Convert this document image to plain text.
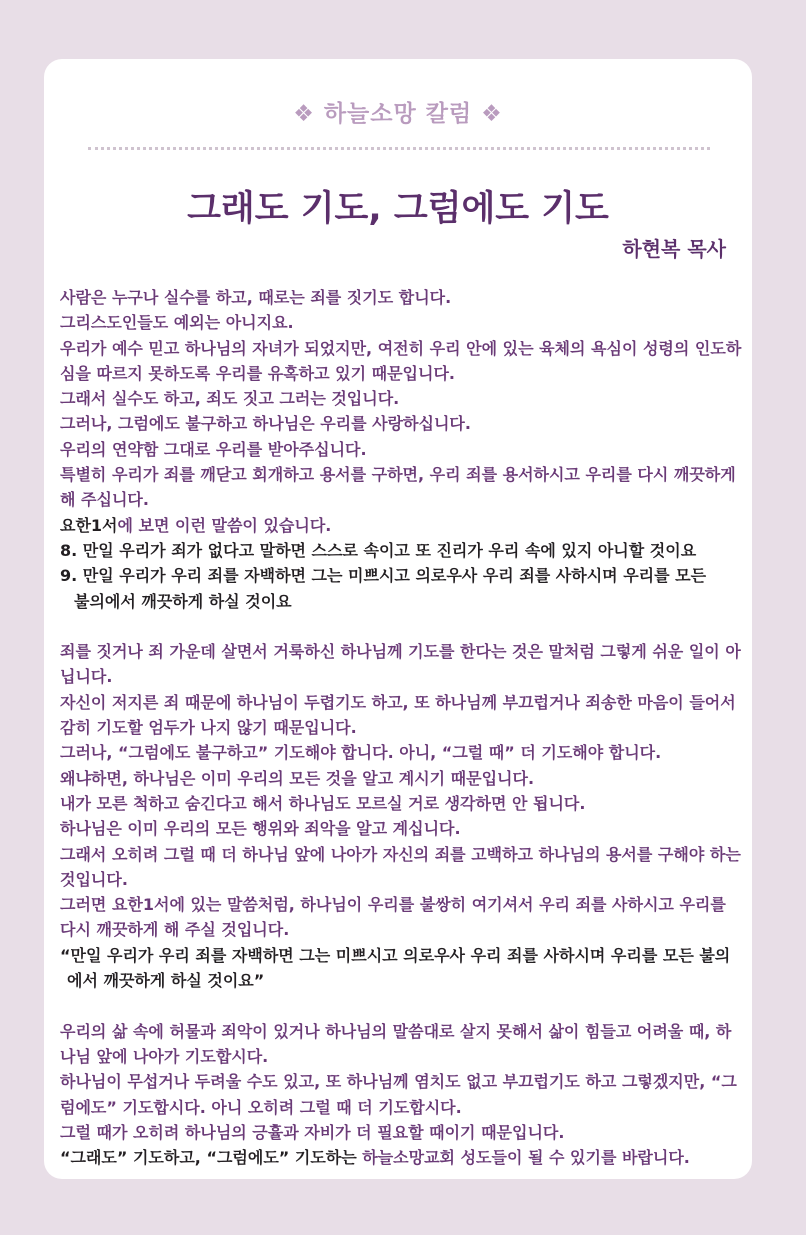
❖ 하늘소망 칼럼 ❖
그래도 기도, 그럼에도 기도
하현복 목사
사람은 누구나 실수를 하고, 때로는 죄를 짓기도 합니다.
그리스도인들도 예외는 아니지요.
우리가 예수 믿고 하나님의 자녀가 되었지만, 여전히 우리 안에 있는 육체의 욕심이 성령의 인도하심을 따르지 못하도록 우리를 유혹하고 있기 때문입니다.
그래서 실수도 하고, 죄도 짓고 그러는 것입니다.
그러나, 그럼에도 불구하고 하나님은 우리를 사랑하십니다.
우리의 연약함 그대로 우리를 받아주십니다.
특별히 우리가 죄를 깨닫고 회개하고 용서를 구하면, 우리 죄를 용서하시고 우리를 다시 깨끗하게 해 주십니다.
요한1서에 보면 이런 말씀이 있습니다.
8. 만일 우리가 죄가 없다고 말하면 스스로 속이고 또 진리가 우리 속에 있지 아니할 것이요
9. 만일 우리가 우리 죄를 자백하면 그는 미쁘시고 의로우사 우리 죄를 사하시며 우리를 모든
불의에서 깨끗하게 하실 것이요
죄를 짓거나 죄 가운데 살면서 거룩하신 하나님께 기도를 한다는 것은 말처럼 그렇게 쉬운 일이 아닙니다.
자신이 저지른 죄 때문에 하나님이 두렵기도 하고, 또 하나님께 부끄럽거나 죄송한 마음이 들어서 감히 기도할 엄두가 나지 않기 때문입니다.
그러나, “그럼에도 불구하고” 기도해야 합니다. 아니, “그럴 때” 더 기도해야 합니다.
왜냐하면, 하나님은 이미 우리의 모든 것을 알고 계시기 때문입니다.
내가 모른 척하고 숨긴다고 해서 하나님도 모르실 거로 생각하면 안 됩니다.
하나님은 이미 우리의 모든 행위와 죄악을 알고 계십니다.
그래서 오히려 그럴 때 더 하나님 앞에 나아가 자신의 죄를 고백하고 하나님의 용서를 구해야 하는 것입니다.
그러면 요한1서에 있는 말씀처럼, 하나님이 우리를 불쌍히 여기셔서 우리 죄를 사하시고 우리를 다시 깨끗하게 해 주실 것입니다.
“만일 우리가 우리 죄를 자백하면 그는 미쁘시고 의로우사 우리 죄를 사하시며 우리를 모든 불의
에서 깨끗하게 하실 것이요”
우리의 삶 속에 허물과 죄악이 있거나 하나님의 말씀대로 살지 못해서 삶이 힘들고 어려울 때, 하나님 앞에 나아가 기도합시다.
하나님이 무섭거나 두려울 수도 있고, 또 하나님께 염치도 없고 부끄럽기도 하고 그렇겠지만, “그럼에도” 기도합시다. 아니 오히려 그럴 때 더 기도합시다.
그럴 때가 오히려 하나님의 긍휼과 자비가 더 필요할 때이기 때문입니다.
“그래도” 기도하고, “그럼에도” 기도하는 하늘소망교회 성도들이 될 수 있기를 바랍니다.
